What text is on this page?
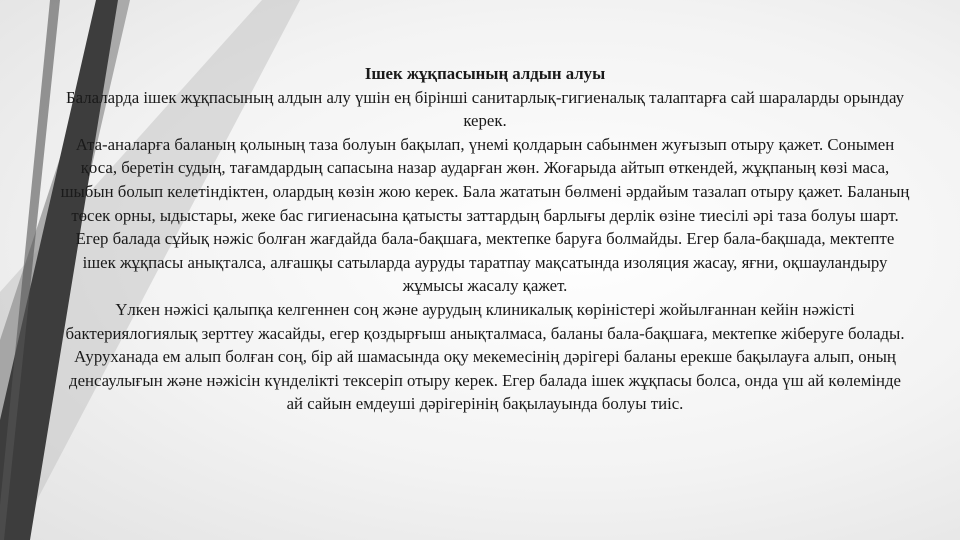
Ішек жұқпасының алдын алуы

Балаларда ішек жұқпасының алдын алу үшін ең бірінші санитарлық-гигиеналық талаптарға сай шараларды орындау керек.

Ата-аналарға баланың қолының таза болуын бақылап, үнемі қолдарын сабынмен жуғызып отыру қажет. Сонымен қоса, беретін судың, тағамдардың сапасына назар аударған жөн. Жоғарыда айтып өткендей, жұқпаның көзі маса, шыбын болып келетіндіктен, олардың көзін жою керек. Бала жататын бөлмені әрдайым тазалап отыру қажет. Баланың төсек орны, ыдыстары, жеке бас гигиенасына қатысты заттардың барлығы дерлік өзіне тиесілі әрі таза болуы шарт.

Егер балада сұйық нәжіс болған жағдайда бала-бақшаға, мектепке баруға болмайды. Егер бала-бақшада, мектепте ішек жұқпасы анықталса, алғашқы сатыларда ауруды таратпау мақсатында изоляция жасау, яғни, оқшауландыру жұмысы жасалу қажет.

Үлкен нәжісі қалыпқа келгеннен соң және аурудың клиникалық көріністері жойылғаннан кейін нәжісті бактериялогиялық зерттеу жасайды, егер қоздырғыш анықталмаса, баланы бала-бақшаға, мектепке жіберуге болады.

Ауруханада ем алып болған соң, бір ай шамасында оқу мекемесінің дәрігері баланы ерекше бақылауға алып, оның денсаулығын және нәжісін күнделікті тексеріп отыру керек. Егер балада ішек жұқпасы болса, онда үш ай көлемінде ай сайын емдеуші дәрігерінің бақылауында болуы тиіс.
